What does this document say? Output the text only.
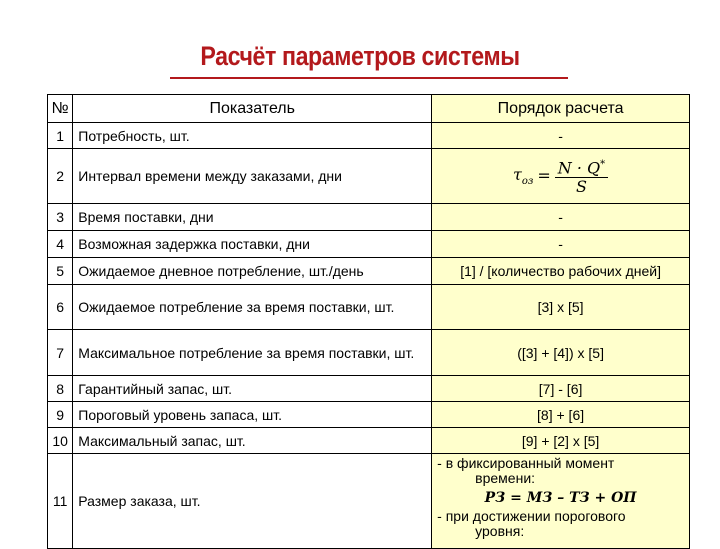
Расчёт параметров системы
№	Показатель	Порядок расчета
1	Потребность, шт.	-
2	Интервал времени между заказами, дни	$\tau_{оз} = \frac{N \cdot Q^*}{S}$

3	Время поставки, дни	-
4	Возможная задержка поставки, дни	-
5	Ожидаемое дневное потребление, шт./день	[1] / [количество рабочих дней]
6	Ожидаемое потребление за время поставки, шт.	[3] x [5]
7	Максимальное потребление за время поставки, шт.	([3] + [4]) x [5]
8	Гарантийный запас, шт.	[7] - [6]
9	Пороговый уровень запаса, шт.	[8] + [6]
10	Максимальный запас, шт.	[9] + [2] x [5]
11	Размер заказа, шт.	- в фиксированный момент
времени:
РЗ = МЗ – ТЗ + ОП
- при достижении порогового
уровня:
